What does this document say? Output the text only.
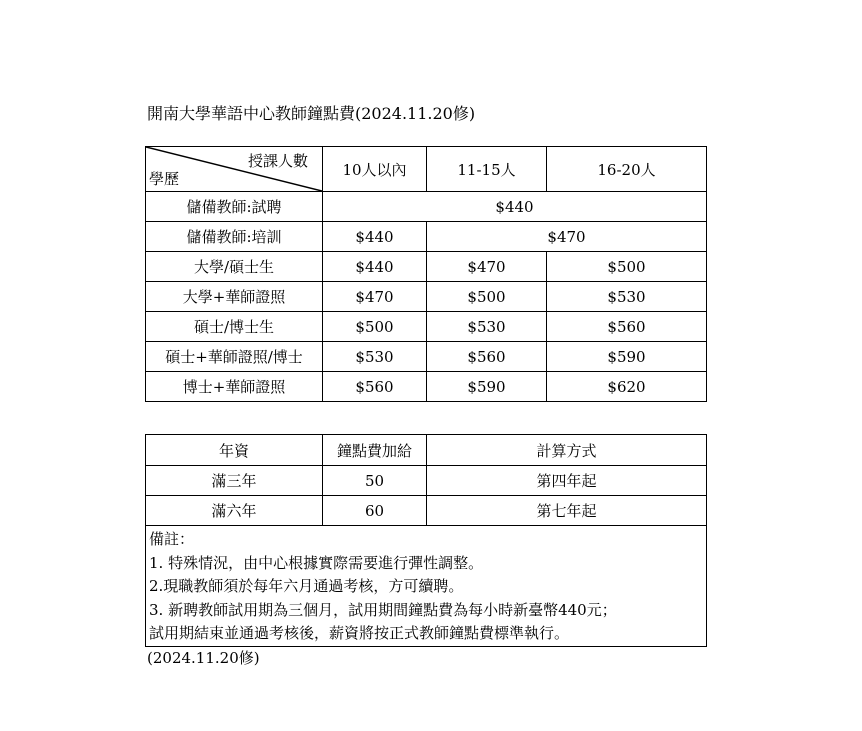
開南大學華語中心教師鐘點費(2024.11.20修)
授課人數
學歷	10人以內	11-15人	16-20人
儲備教師:試聘	$440		
儲備教師:培訓	$440	$470	
大學/碩士生	$440	$470	$500
大學+華師證照	$470	$500	$530
碩士/博士生	$500	$530	$560
碩士+華師證照/博士	$530	$560	$590
博士+華師證照	$560	$590	$620
年資	鐘點費加給	計算方式
滿三年	50	第四年起
滿六年	60	第七年起

備註：
1. 特殊情況，由中心根據實際需要進行彈性調整。
2.現職教師須於每年六月通過考核，方可續聘。
3. 新聘教師試用期為三個月，試用期間鐘點費為每小時新臺幣440元；
試用期結束並通過考核後，薪資將按正式教師鐘點費標準執行。		
(2024.11.20修)
